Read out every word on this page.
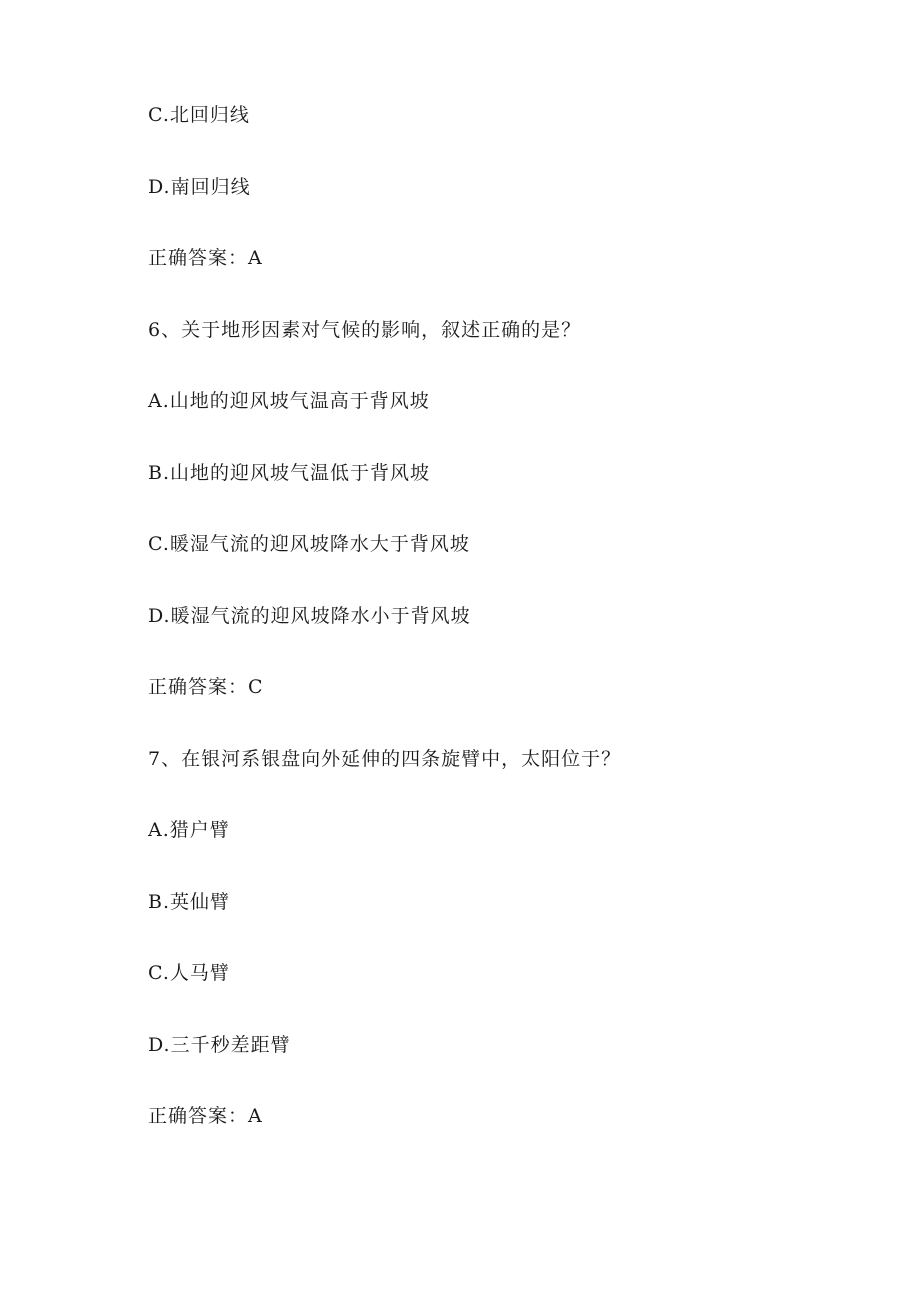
C.北回归线
D.南回归线
正确答案：A
6、关于地形因素对气候的影响，叙述正确的是？
A.山地的迎风坡气温高于背风坡
B.山地的迎风坡气温低于背风坡
C.暖湿气流的迎风坡降水大于背风坡
D.暖湿气流的迎风坡降水小于背风坡
正确答案：C
7、在银河系银盘向外延伸的四条旋臂中，太阳位于？
A.猎户臂
B.英仙臂
C.人马臂
D.三千秒差距臂
正确答案：A
